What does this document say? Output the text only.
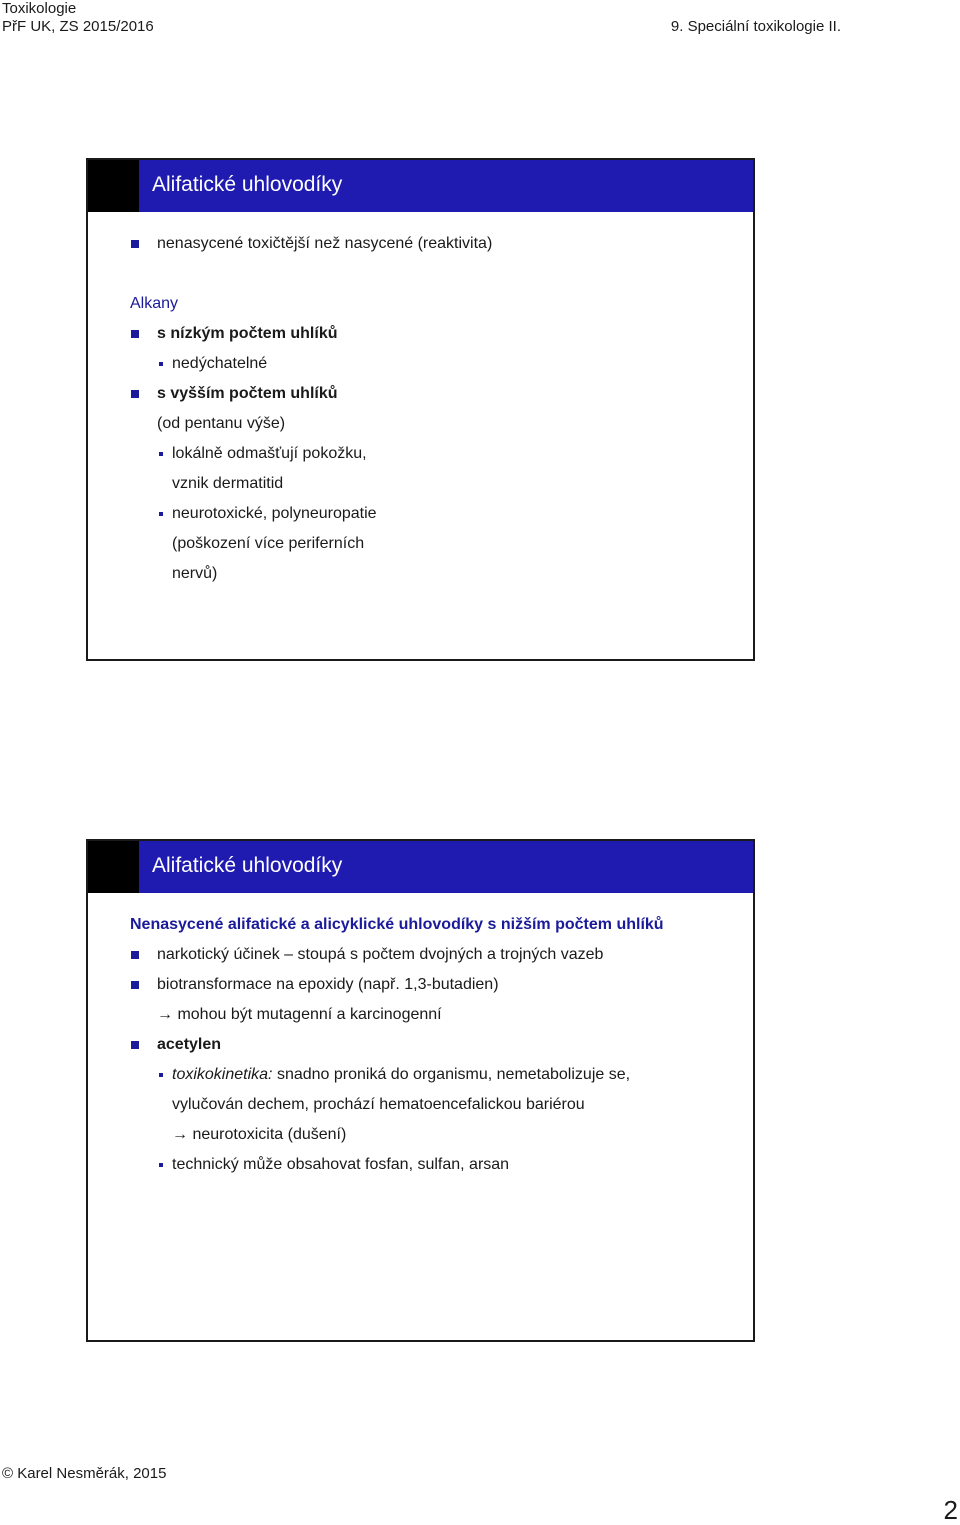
Toxikologie
PřF UK, ZS 2015/2016	9. Speciální toxikologie II.
Alifatické uhlovodíky
nenasycené toxičtější než nasycené (reaktivita)
Alkany
s nízkým počtem uhlíků
nedýchatelné
s vyšším počtem uhlíků
(od pentanu výše)
lokálně odmašťují pokožku,
vznik dermatitid
neurotoxické, polyneuropatie
(poškození více periferních
nervů)
Alifatické uhlovodíky
Nenasycené alifatické a alicyklické uhlovodíky s nižším počtem uhlíků
narkotický účinek – stoupá s počtem dvojných a trojných vazeb
biotransformace na epoxidy (např. 1,3-butadien)
→ mohou být mutagenní a karcinogenní
acetylen
toxikokinetika: snadno proniká do organismu, nemetabolizuje se,
vylučován dechem, prochází hematoencefalickou bariérou
→ neurotoxicita (dušení)
technický může obsahovat fosfan, sulfan, arsan
© Karel Nesměrák, 2015
2
